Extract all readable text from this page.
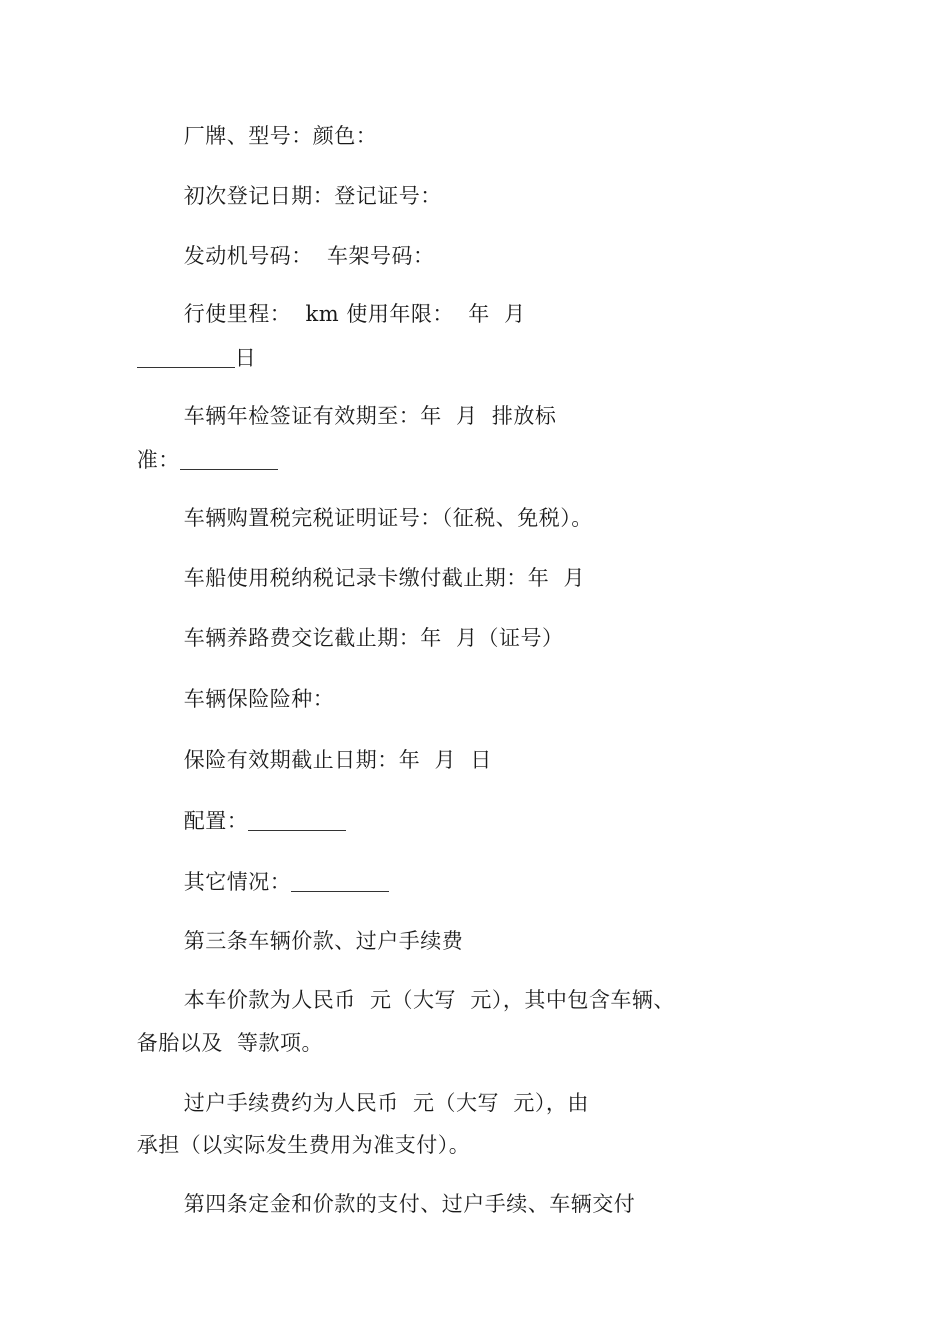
厂牌、型号：颜色：

初次登记日期：登记证号：

发动机号码：  车架号码：

行使里程：  km 使用年限：  年  月

日

车辆年检签证有效期至：年  月  排放标

准：

车辆购置税完税证明证号：（征税、免税）。

车船使用税纳税记录卡缴付截止期：年  月

车辆养路费交讫截止期：年  月（证号）

车辆保险险种：

保险有效期截止日期：年  月  日

配置：

其它情况：

第三条车辆价款、过户手续费

本车价款为人民币  元（大写  元），其中包含车辆、

备胎以及  等款项。

过户手续费约为人民币  元（大写  元），由

承担（以实际发生费用为准支付）。

第四条定金和价款的支付、过户手续、车辆交付
